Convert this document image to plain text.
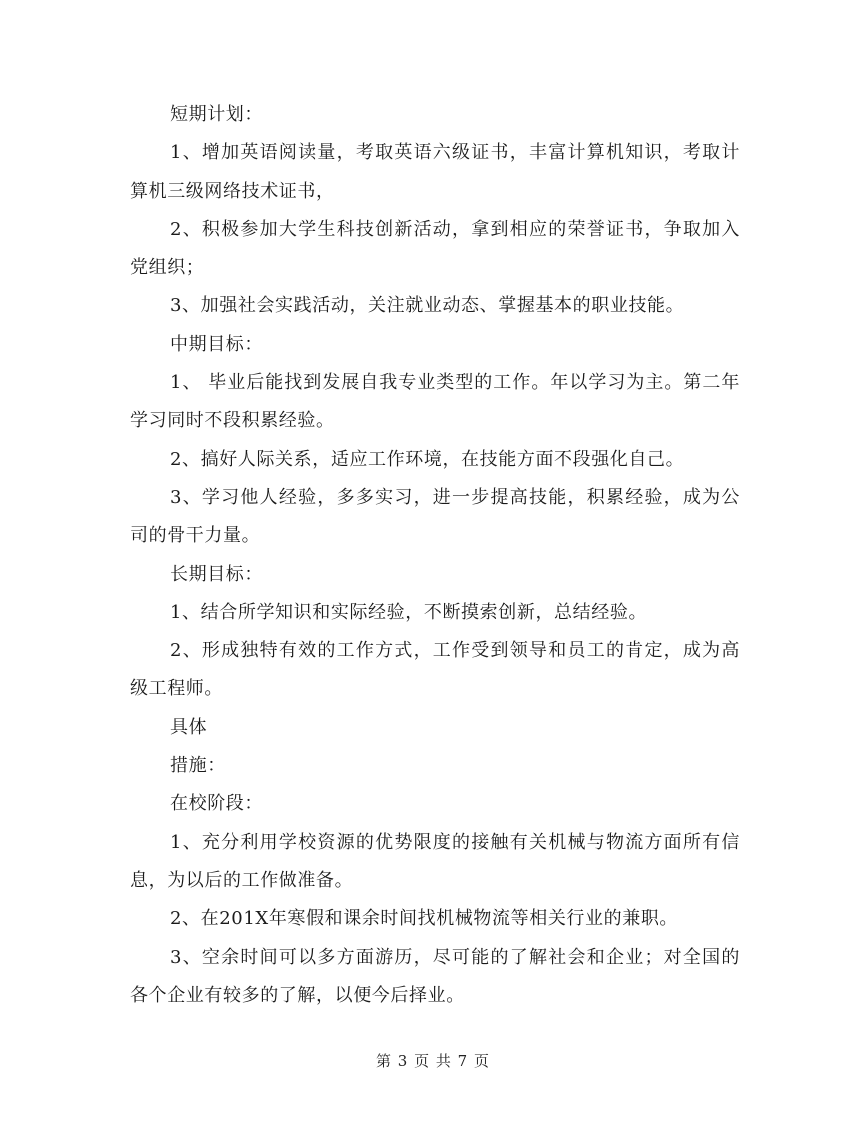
短期计划：

1、增加英语阅读量，考取英语六级证书，丰富计算机知识，考取计算机三级网络技术证书，

2、积极参加大学生科技创新活动，拿到相应的荣誉证书，争取加入党组织；

3、加强社会实践活动，关注就业动态、掌握基本的职业技能。

中期目标：

1、 毕业后能找到发展自我专业类型的工作。年以学习为主。第二年学习同时不段积累经验。

2、搞好人际关系，适应工作环境，在技能方面不段强化自己。

3、学习他人经验，多多实习，进一步提高技能，积累经验，成为公司的骨干力量。

长期目标：

1、结合所学知识和实际经验，不断摸索创新，总结经验。

2、形成独特有效的工作方式，工作受到领导和员工的肯定，成为高级工程师。

具体

措施：

在校阶段：

1、充分利用学校资源的优势限度的接触有关机械与物流方面所有信息，为以后的工作做准备。

2、在201X年寒假和课余时间找机械物流等相关行业的兼职。

3、空余时间可以多方面游历，尽可能的了解社会和企业；对全国的各个企业有较多的了解，以便今后择业。

第 3 页 共 7 页
